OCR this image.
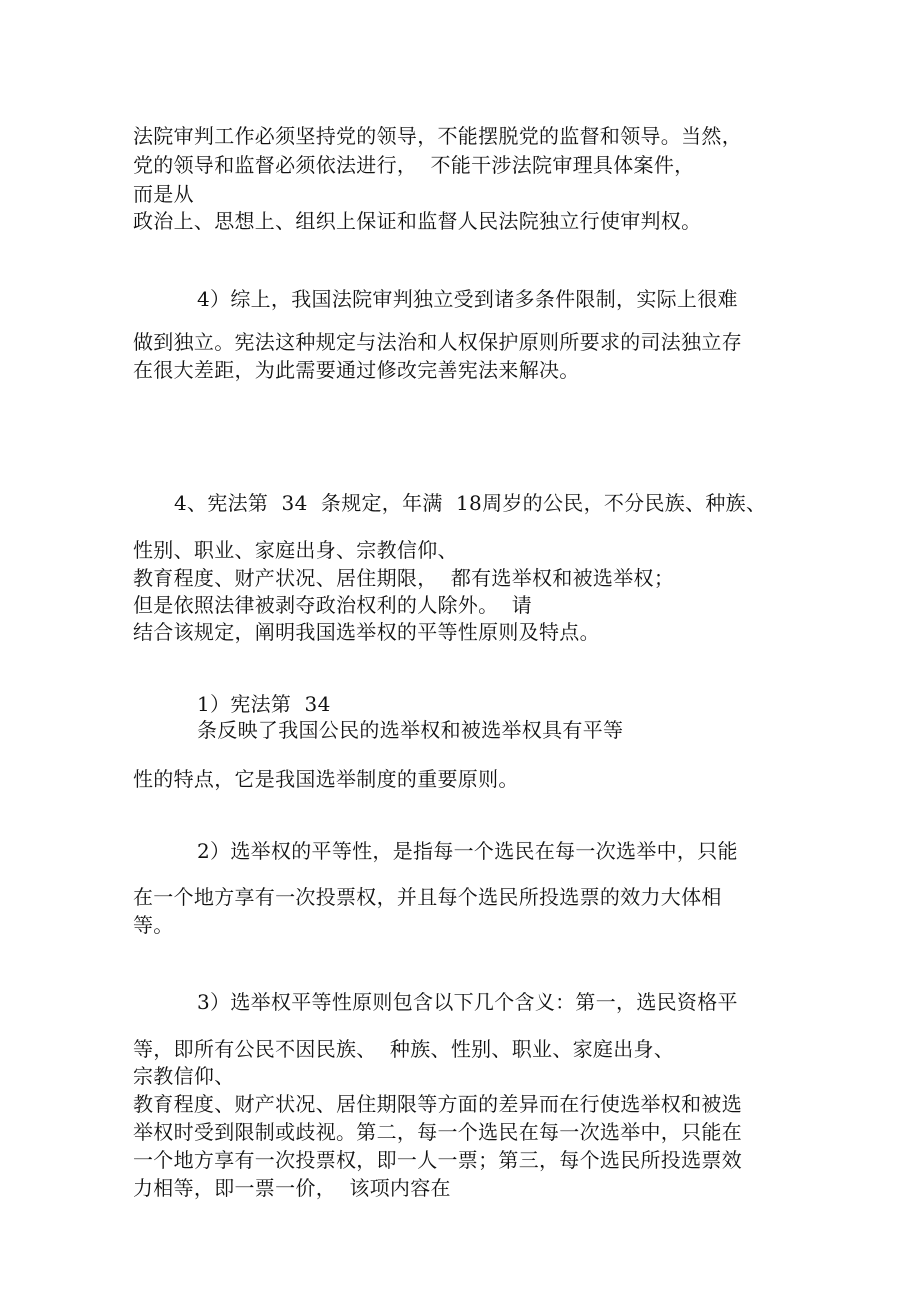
法院审判工作必须坚持党的领导，不能摆脱党的监督和领导。当然，
党的领导和监督必须依法进行，  不能干涉法院审理具体案件，
而是从
政治上、思想上、组织上保证和监督人民法院独立行使审判权。
4）综上，我国法院审判独立受到诸多条件限制，实际上很难
做到独立。宪法这种规定与法治和人权保护原则所要求的司法独立存
在很大差距，为此需要通过修改完善宪法来解决。
4、宪法第  34  条规定，年满  18周岁的公民，不分民族、种族、
性别、职业、家庭出身、宗教信仰、
教育程度、财产状况、居住期限，  都有选举权和被选举权；
但是依照法律被剥夺政治权利的人除外。  请
结合该规定，阐明我国选举权的平等性原则及特点。
1）宪法第  34
条反映了我国公民的选举权和被选举权具有平等
性的特点，它是我国选举制度的重要原则。
2）选举权的平等性，是指每一个选民在每一次选举中，只能
在一个地方享有一次投票权，并且每个选民所投选票的效力大体相
等。
3）选举权平等性原则包含以下几个含义：第一，选民资格平
等，即所有公民不因民族、  种族、性别、职业、家庭出身、
宗教信仰、
教育程度、财产状况、居住期限等方面的差异而在行使选举权和被选
举权时受到限制或歧视。第二，每一个选民在每一次选举中，只能在
一个地方享有一次投票权，即一人一票；第三，每个选民所投选票效
力相等，即一票一价，  该项内容在
